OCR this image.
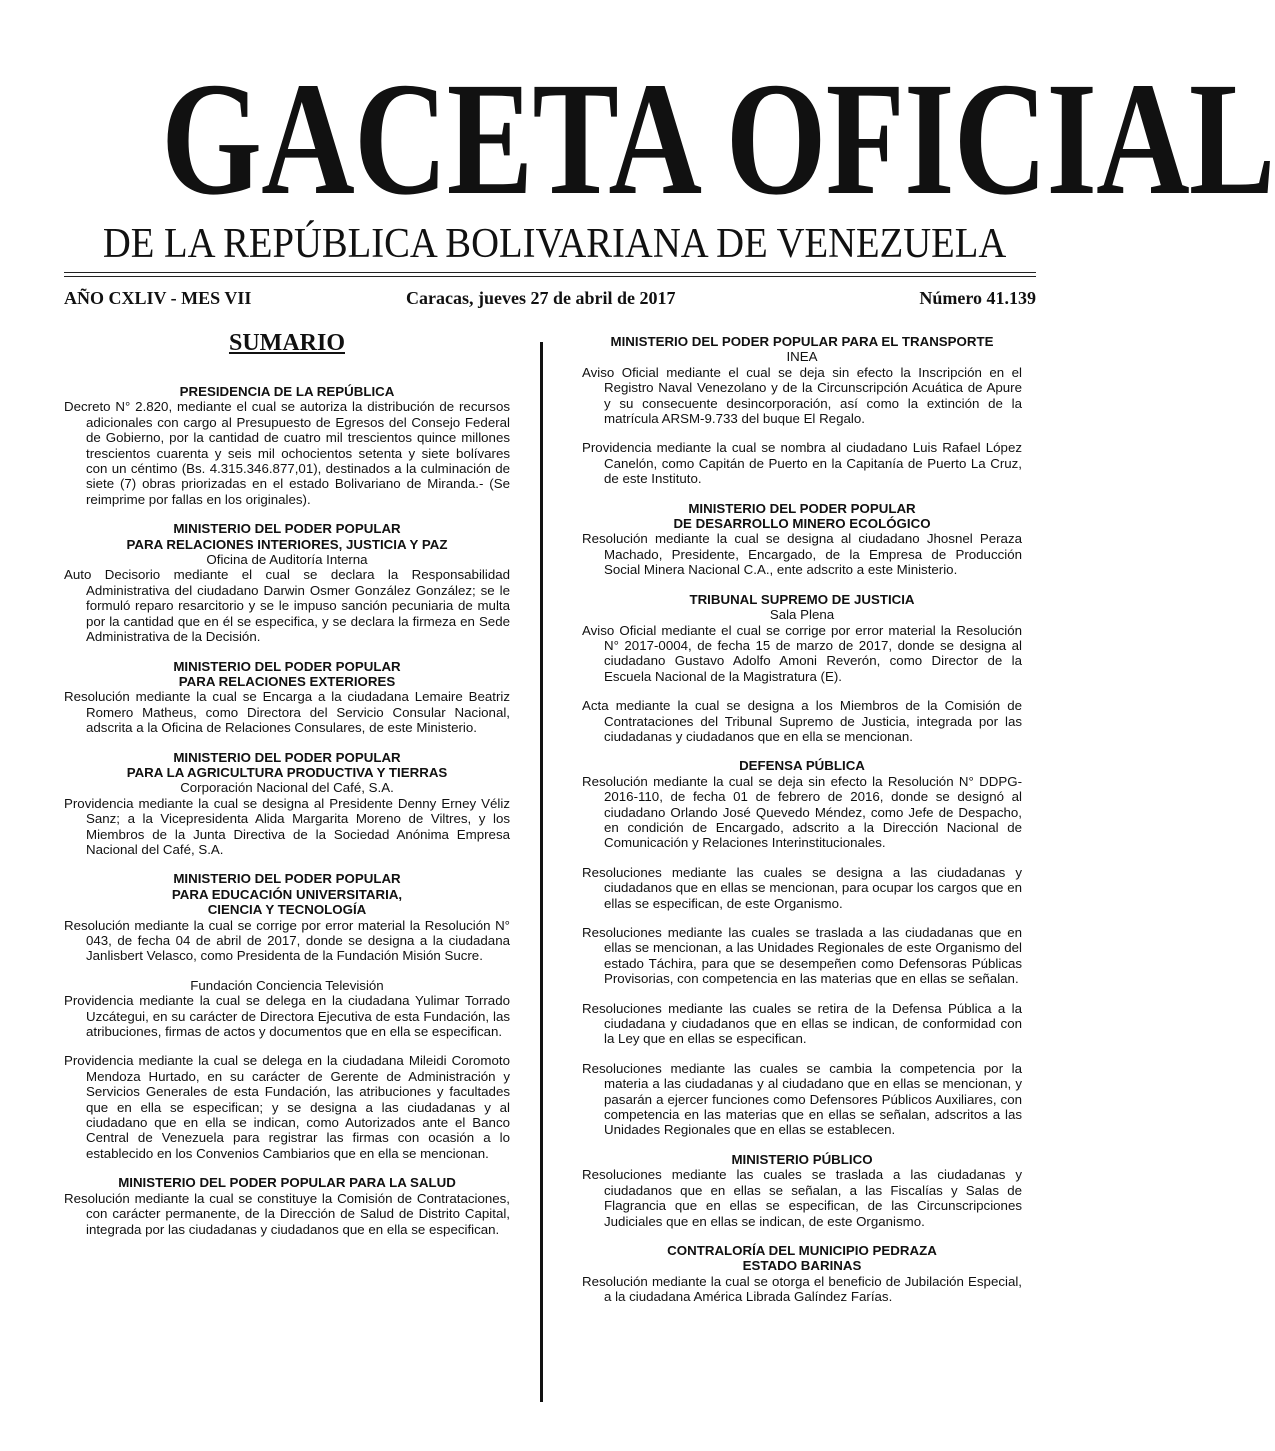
GACETA OFICIAL
DE LA REPÚBLICA BOLIVARIANA DE VENEZUELA
AÑO CXLIV - MES VII	Caracas, jueves 27 de abril de 2017	Número 41.139
SUMARIO
PRESIDENCIA DE LA REPÚBLICA
Decreto N° 2.820, mediante el cual se autoriza la distribución de recursos adicionales con cargo al Presupuesto de Egresos del Consejo Federal de Gobierno, por la cantidad de cuatro mil trescientos quince millones trescientos cuarenta y seis mil ochocientos setenta y siete bolívares con un céntimo (Bs. 4.315.346.877,01), destinados a la culminación de siete (7) obras priorizadas en el estado Bolivariano de Miranda.- (Se reimprime por fallas en los originales).
MINISTERIO DEL PODER POPULAR
PARA RELACIONES INTERIORES, JUSTICIA Y PAZ
Oficina de Auditoría Interna
Auto Decisorio mediante el cual se declara la Responsabilidad Administrativa del ciudadano Darwin Osmer González González; se le formuló reparo resarcitorio y se le impuso sanción pecuniaria de multa por la cantidad que en él se especifica, y se declara la firmeza en Sede Administrativa de la Decisión.
MINISTERIO DEL PODER POPULAR
PARA RELACIONES EXTERIORES
Resolución mediante la cual se Encarga a la ciudadana Lemaire Beatriz Romero Matheus, como Directora del Servicio Consular Nacional, adscrita a la Oficina de Relaciones Consulares, de este Ministerio.
MINISTERIO DEL PODER POPULAR
PARA LA AGRICULTURA PRODUCTIVA Y TIERRAS
Corporación Nacional del Café, S.A.
Providencia mediante la cual se designa al Presidente Denny Erney Véliz Sanz; a la Vicepresidenta Alida Margarita Moreno de Viltres, y los Miembros de la Junta Directiva de la Sociedad Anónima Empresa Nacional del Café, S.A.
MINISTERIO DEL PODER POPULAR
PARA EDUCACIÓN UNIVERSITARIA,
CIENCIA Y TECNOLOGÍA
Resolución mediante la cual se corrige por error material la Resolución N° 043, de fecha 04 de abril de 2017, donde se designa a la ciudadana Janlisbert Velasco, como Presidenta de la Fundación Misión Sucre.
Fundación Conciencia Televisión
Providencia mediante la cual se delega en la ciudadana Yulimar Torrado Uzcátegui, en su carácter de Directora Ejecutiva de esta Fundación, las atribuciones, firmas de actos y documentos que en ella se especifican.
Providencia mediante la cual se delega en la ciudadana Mileidi Coromoto Mendoza Hurtado, en su carácter de Gerente de Administración y Servicios Generales de esta Fundación, las atribuciones y facultades que en ella se especifican; y se designa a las ciudadanas y al ciudadano que en ella se indican, como Autorizados ante el Banco Central de Venezuela para registrar las firmas con ocasión a lo establecido en los Convenios Cambiarios que en ella se mencionan.
MINISTERIO DEL PODER POPULAR PARA LA SALUD
Resolución mediante la cual se constituye la Comisión de Contrataciones, con carácter permanente, de la Dirección de Salud de Distrito Capital, integrada por las ciudadanas y ciudadanos que en ella se especifican.
MINISTERIO DEL PODER POPULAR PARA EL TRANSPORTE
INEA
Aviso Oficial mediante el cual se deja sin efecto la Inscripción en el Registro Naval Venezolano y de la Circunscripción Acuática de Apure y su consecuente desincorporación, así como la extinción de la matrícula ARSM-9.733 del buque El Regalo.
Providencia mediante la cual se nombra al ciudadano Luis Rafael López Canelón, como Capitán de Puerto en la Capitanía de Puerto La Cruz, de este Instituto.
MINISTERIO DEL PODER POPULAR
DE DESARROLLO MINERO ECOLÓGICO
Resolución mediante la cual se designa al ciudadano Jhosnel Peraza Machado, Presidente, Encargado, de la Empresa de Producción Social Minera Nacional C.A., ente adscrito a este Ministerio.
TRIBUNAL SUPREMO DE JUSTICIA
Sala Plena
Aviso Oficial mediante el cual se corrige por error material la Resolución N° 2017-0004, de fecha 15 de marzo de 2017, donde se designa al ciudadano Gustavo Adolfo Amoni Reverón, como Director de la Escuela Nacional de la Magistratura (E).
Acta mediante la cual se designa a los Miembros de la Comisión de Contrataciones del Tribunal Supremo de Justicia, integrada por las ciudadanas y ciudadanos que en ella se mencionan.
DEFENSA PÚBLICA
Resolución mediante la cual se deja sin efecto la Resolución N° DDPG-2016-110, de fecha 01 de febrero de 2016, donde se designó al ciudadano Orlando José Quevedo Méndez, como Jefe de Despacho, en condición de Encargado, adscrito a la Dirección Nacional de Comunicación y Relaciones Interinstitucionales.
Resoluciones mediante las cuales se designa a las ciudadanas y ciudadanos que en ellas se mencionan, para ocupar los cargos que en ellas se especifican, de este Organismo.
Resoluciones mediante las cuales se traslada a las ciudadanas que en ellas se mencionan, a las Unidades Regionales de este Organismo del estado Táchira, para que se desempeñen como Defensoras Públicas Provisorias, con competencia en las materias que en ellas se señalan.
Resoluciones mediante las cuales se retira de la Defensa Pública a la ciudadana y ciudadanos que en ellas se indican, de conformidad con la Ley que en ellas se especifican.
Resoluciones mediante las cuales se cambia la competencia por la materia a las ciudadanas y al ciudadano que en ellas se mencionan, y pasarán a ejercer funciones como Defensores Públicos Auxiliares, con competencia en las materias que en ellas se señalan, adscritos a las Unidades Regionales que en ellas se establecen.
MINISTERIO PÚBLICO
Resoluciones mediante las cuales se traslada a las ciudadanas y ciudadanos que en ellas se señalan, a las Fiscalías y Salas de Flagrancia que en ellas se especifican, de las Circunscripciones Judiciales que en ellas se indican, de este Organismo.
CONTRALORÍA DEL MUNICIPIO PEDRAZA
ESTADO BARINAS
Resolución mediante la cual se otorga el beneficio de Jubilación Especial, a la ciudadana América Librada Galíndez Farías.
